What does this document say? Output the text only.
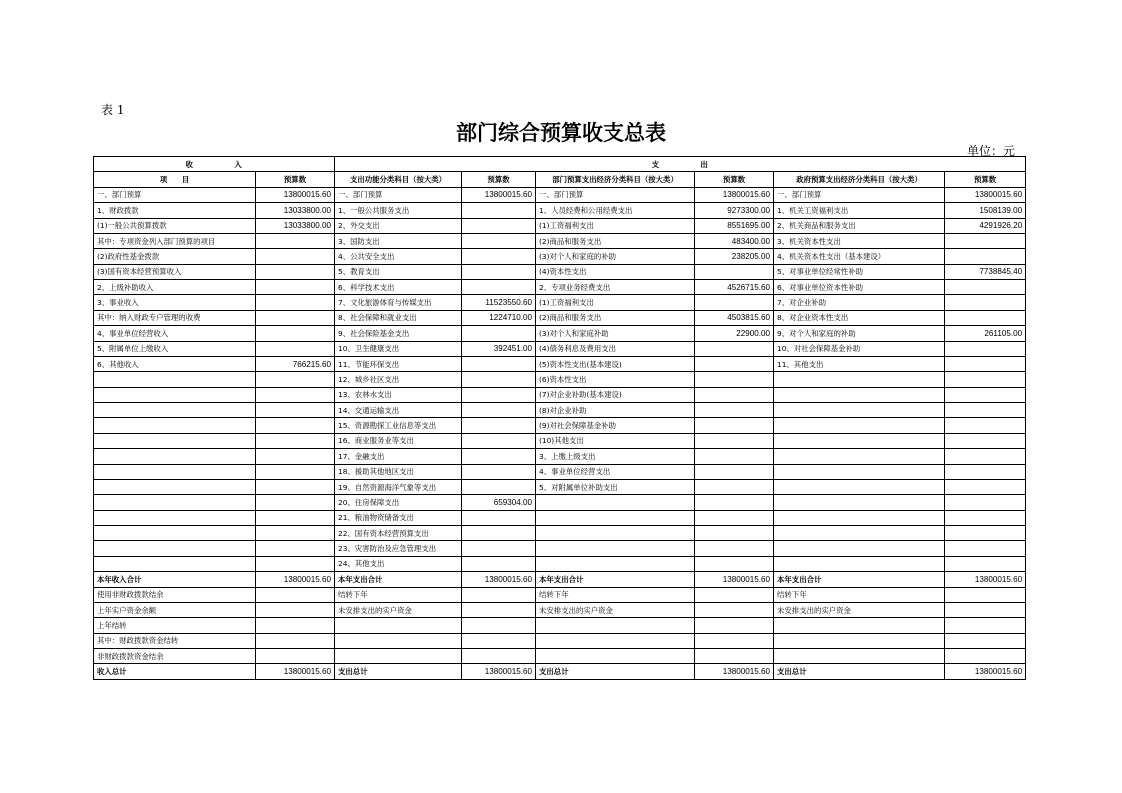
表 1
部门综合预算收支总表
单位：元
收　　　　　入		支　　　　　出					

项　　目	预算数	支出功能分类科目（按大类）	预算数	部门预算支出经济分类科目（按大类）	预算数	政府预算支出经济分类科目（按大类）	预算数
一、部门预算	13800015.60	一、部门预算	13800015.60	一、部门预算	13800015.60	一、部门预算	13800015.60
1、财政拨款	13033800.00	1、一般公共服务支出		1、人员经费和公用经费支出	9273300.00	1、机关工资福利支出	1508139.00
(1)一般公共预算拨款	13033800.00	2、外交支出		(1)工资福利支出	8551695.00	2、机关商品和服务支出	4291926.20
其中：专项资金列入部门预算的项目		3、国防支出		(2)商品和服务支出	483400.00	3、机关资本性支出	
(2)政府性基金拨款		4、公共安全支出		(3)对个人和家庭的补助	238205.00	4、机关资本性支出（基本建设）	
(3)国有资本经营预算收入		5、教育支出		(4)资本性支出		5、对事业单位经常性补助	7738845.40
2、上级补助收入		6、科学技术支出		2、专项业务经费支出	4526715.60	6、对事业单位资本性补助	
3、事业收入		7、文化旅游体育与传媒支出	11523550.60	(1)工资福利支出		7、对企业补助	
其中：纳入财政专户管理的收费		8、社会保障和就业支出	1224710.00	(2)商品和服务支出	4503815.60	8、对企业资本性支出	
4、事业单位经营收入		9、社会保险基金支出		(3)对个人和家庭补助	22900.00	9、对个人和家庭的补助	261105.00
5、附属单位上缴收入		10、卫生健康支出	392451.00	(4)债务利息及费用支出		10、对社会保障基金补助	
6、其他收入	766215.60	11、节能环保支出		(5)资本性支出(基本建设)		11、其他支出	
		12、城乡社区支出		(6)资本性支出			
		13、农林水支出		(7)对企业补助(基本建设)			
		14、交通运输支出		(8)对企业补助			
		15、资源勘探工业信息等支出		(9)对社会保障基金补助			
		16、商业服务业等支出		(10)其他支出			
		17、金融支出		3、上缴上级支出			
		18、援助其他地区支出		4、事业单位经营支出			
		19、自然资源海洋气象等支出		5、对附属单位补助支出			
		20、住房保障支出	659304.00				
		21、粮油物资储备支出					
		22、国有资本经营预算支出					
		23、灾害防治及应急管理支出					
		24、其他支出					
本年收入合计	13800015.60	本年支出合计	13800015.60	本年支出合计	13800015.60	本年支出合计	13800015.60
使用非财政拨款结余		结转下年		结转下年		结转下年	
上年实户资金余额		未安排支出的实户资金		未安排支出的实户资金		未安排支出的实户资金	
上年结转							
其中：财政拨款资金结转							
非财政拨款资金结余							
收入总计	13800015.60	支出总计	13800015.60	支出总计	13800015.60	支出总计	13800015.60
